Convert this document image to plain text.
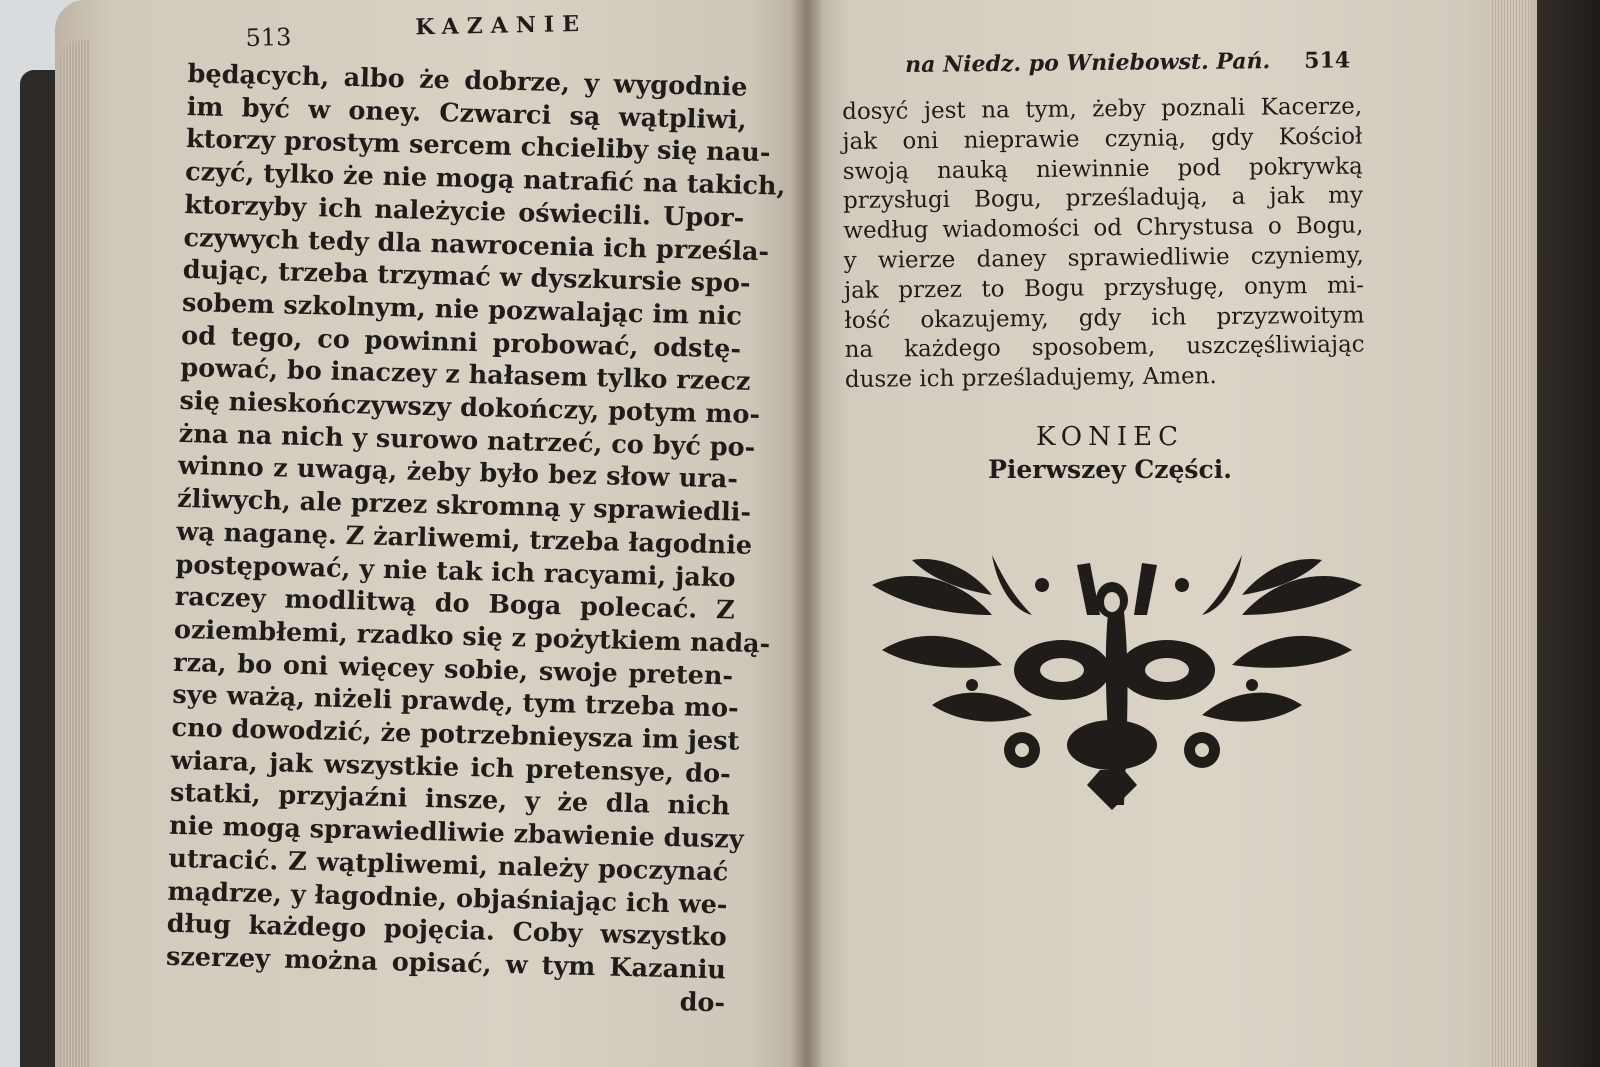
513	KAZANIE
będących, albo że dobrze, y wygodnie
im być w oney. Czwarci są wątpliwi,
ktorzy prostym sercem chcieliby się nau-
czyć, tylko że nie mogą natrafić na takich,
ktorzyby ich należycie oświecili. Upor-
czywych tedy dla nawrocenia ich prześla-
dując, trzeba trzymać w dyszkursie spo-
sobem szkolnym, nie pozwalając im nic
od tego, co powinni probować, odstę-
pować, bo inaczey z hałasem tylko rzecz
się nieskończywszy dokończy, potym mo-
żna na nich y surowo natrzeć, co być po-
winno z uwagą, żeby było bez słow ura-
źliwych, ale przez skromną y sprawiedli-
wą naganę. Z żarliwemi, trzeba łagodnie
postępować, y nie tak ich racyami, jako
raczey modlitwą do Boga polecać. Z
oziembłemi, rzadko się z pożytkiem nadą-
rza, bo oni więcey sobie, swoje preten-
sye ważą, niżeli prawdę, tym trzeba mo-
cno dowodzić, że potrzebnieysza im jest
wiara, jak wszystkie ich pretensye, do-
statki, przyjaźni insze, y że dla nich
nie mogą sprawiedliwie zbawienie duszy
utracić. Z wątpliwemi, należy poczynać
mądrze, y łagodnie, objaśniając ich we-
dług każdego pojęcia. Coby wszystko
szerzey można opisać, w tym Kazaniu
do-
na Niedz. po Wniebowst. Pań. 514
dosyć jest na tym, żeby poznali Kacerze,
jak oni nieprawie czynią, gdy Kościoł
swoją nauką niewinnie pod pokrywką
przysługi Bogu, prześladują, a jak my
według wiadomości od Chrystusa o Bogu,
y wierze daney sprawiedliwie czyniemy,
jak przez to Bogu przysługę, onym mi-
łość okazujemy, gdy ich przyzwoitym
na każdego sposobem, uszczęśliwiając
dusze ich prześladujemy, Amen.
KONIEC
Pierwszey Części.
